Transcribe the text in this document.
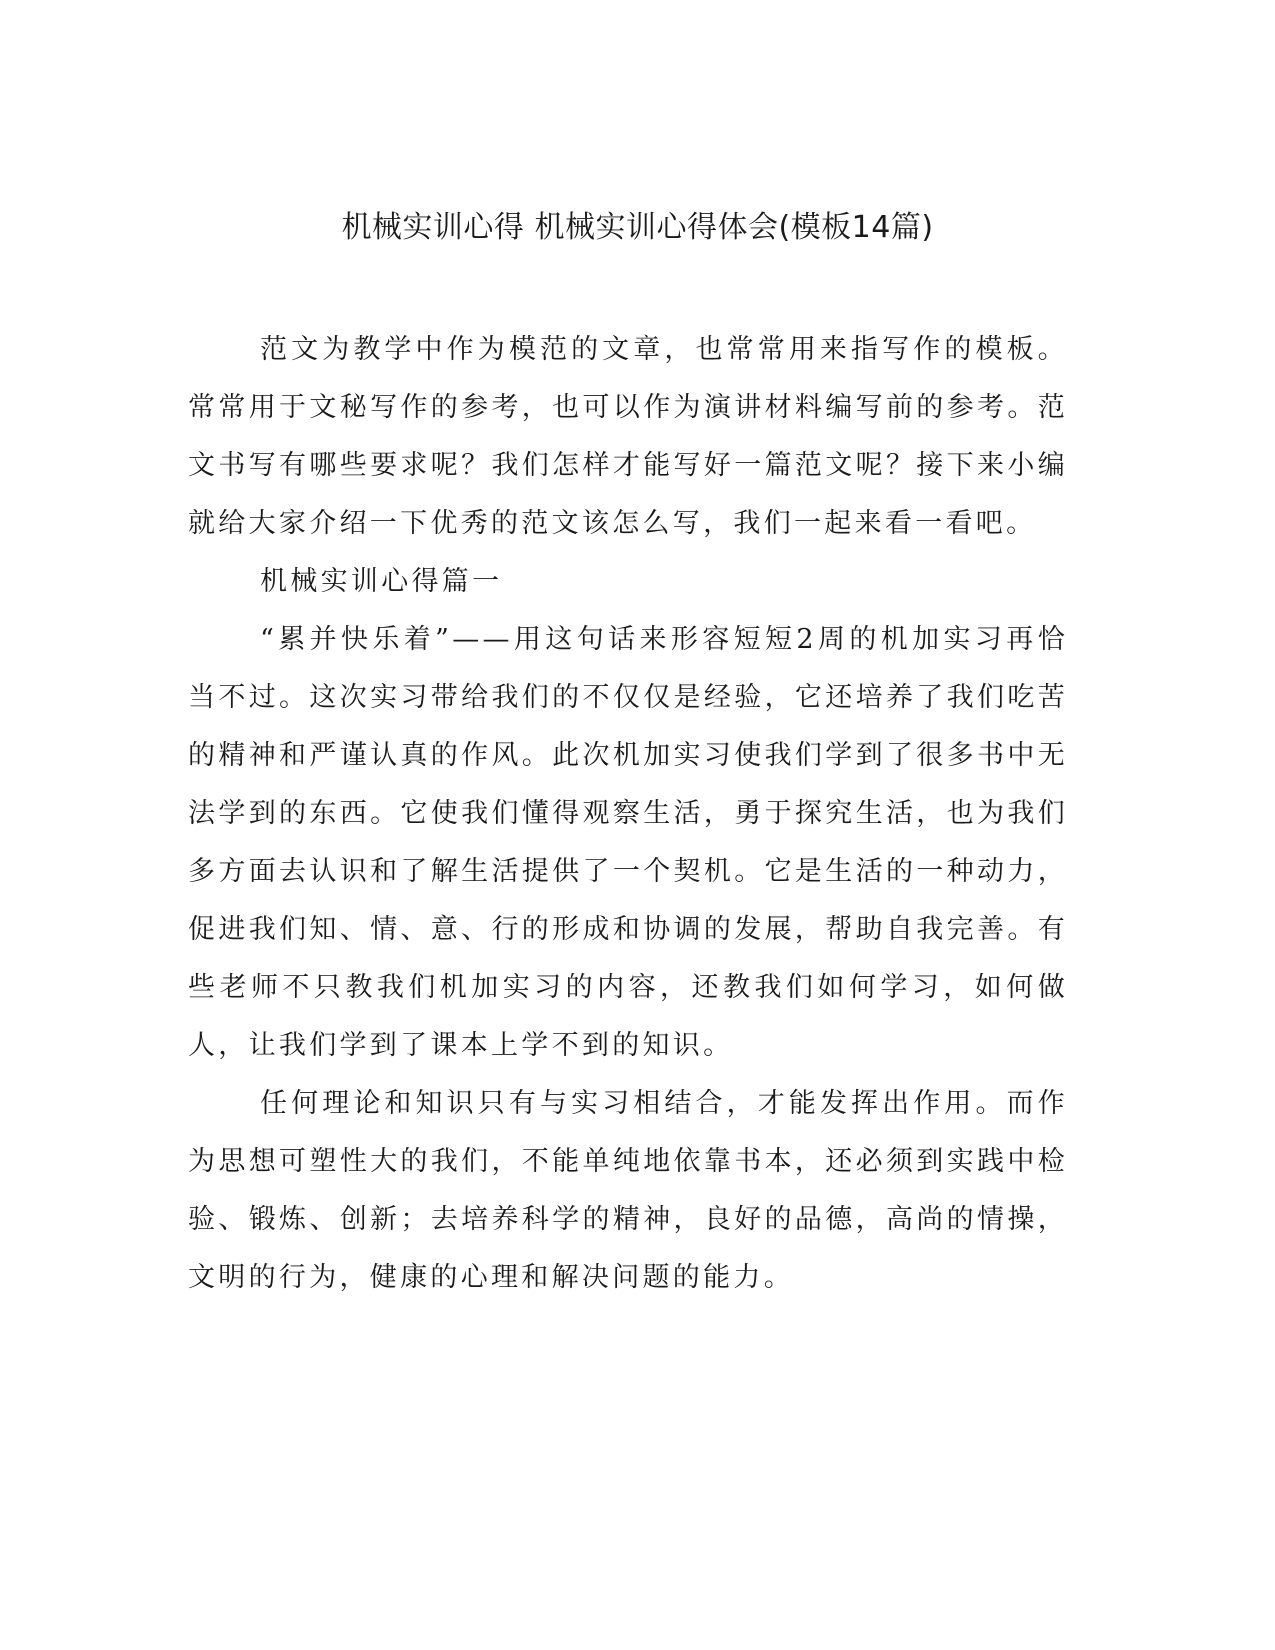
机械实训心得 机械实训心得体会(模板14篇)

范文为教学中作为模范的文章，也常常用来指写作的模板。常常用于文秘写作的参考，也可以作为演讲材料编写前的参考。范文书写有哪些要求呢？我们怎样才能写好一篇范文呢？接下来小编就给大家介绍一下优秀的范文该怎么写，我们一起来看一看吧。

机械实训心得篇一

“累并快乐着”——用这句话来形容短短2周的机加实习再恰当不过。这次实习带给我们的不仅仅是经验，它还培养了我们吃苦的精神和严谨认真的作风。此次机加实习使我们学到了很多书中无法学到的东西。它使我们懂得观察生活，勇于探究生活，也为我们多方面去认识和了解生活提供了一个契机。它是生活的一种动力，促进我们知、情、意、行的形成和协调的发展，帮助自我完善。有些老师不只教我们机加实习的内容，还教我们如何学习，如何做人，让我们学到了课本上学不到的知识。

任何理论和知识只有与实习相结合，才能发挥出作用。而作为思想可塑性大的我们，不能单纯地依靠书本，还必须到实践中检验、锻炼、创新；去培养科学的精神，良好的品德，高尚的情操，文明的行为，健康的心理和解决问题的能力。
